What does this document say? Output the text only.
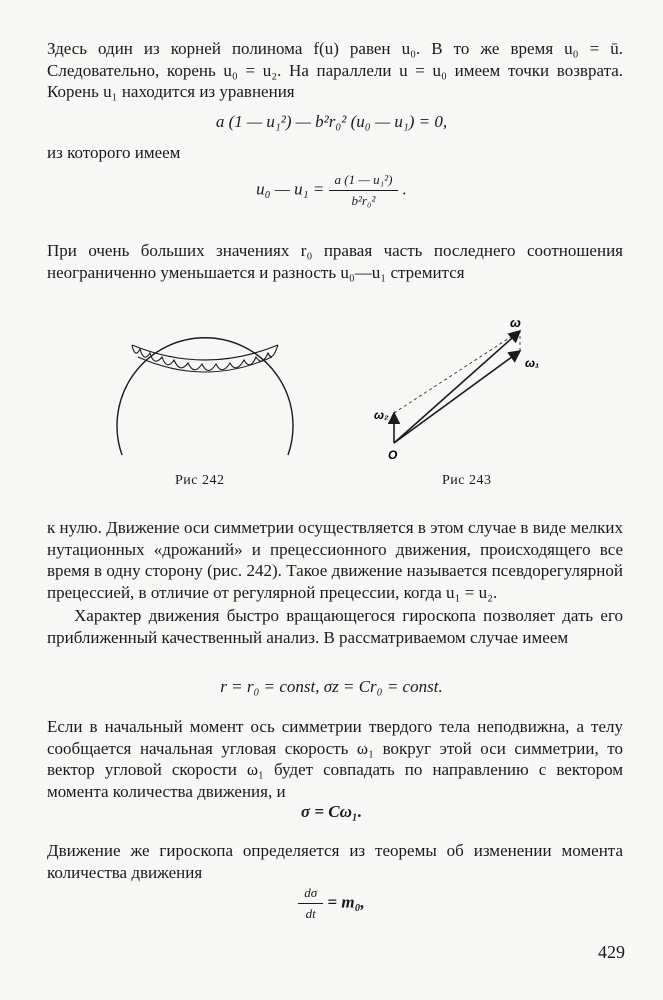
Здесь один из корней полинома f(u) равен u₀. В то же время u₀ = ū. Следовательно, корень u₀ = u₂. На параллели u = u₀ имеем точки возврата. Корень u₁ находится из уравнения
a (1 — u₁²) — b²r₀² (u₀ — u₁) = 0,
из которого имеем
u₀ — $u_1 = \frac{\text{a (1 — u₁²)}}{\text{b²r₀²}}$ .
При очень больших значениях r₀ правая часть последнего соотношения неограниченно уменьшается и разность u₀—u₁ стремится
Рис 242
ω
ω₁
ω₂
O
Рис 243
к нулю. Движение оси симметрии осуществляется в этом случае в виде мелких нутационных «дрожаний» и прецессионного движения, происходящего все время в одну сторону (рис. 242). Такое движение называется псевдорегулярной прецессией, в отличие от регулярной прецессии, когда u₁ = u₂.
Характер движения быстро вращающегося гироскопа позволяет дать его приближенный качественный анализ. В рассматриваемом случае имеем
r = r₀ = const, σz = Cr₀ = const.
Если в начальный момент ось симметрии твердого тела неподвижна, а телу сообщается начальная угловая скорость ω₁ вокруг этой оси симметрии, то вектор угловой скорости ω₁ будет совпадать по направлению с вектором момента количества движения, и
σ = Cω₁.
Движение же гироскопа определяется из теоремы об изменении момента количества движения
$\frac{d\sigma}{dt} = m_0$,
429
